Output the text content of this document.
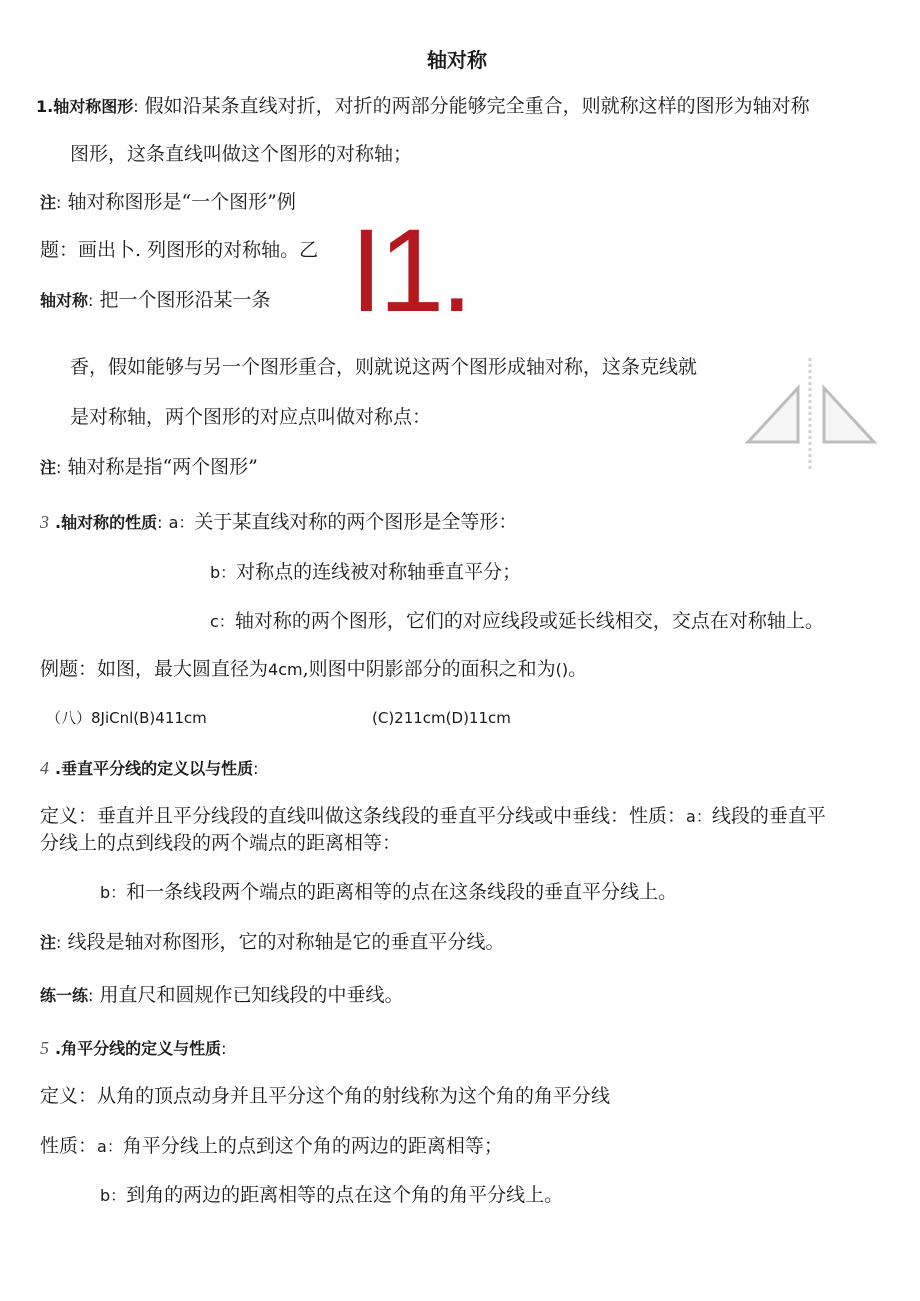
轴对称
1.轴对称图形: 假如沿某条直线对折，对折的两部分能够完全重合，则就称这样的图形为轴对称
图形，这条直线叫做这个图形的对称轴；
注: 轴对称图形是“一个图形”例
题：画出卜. 列图形的对称轴。乙
轴对称: 把一个图形沿某一条 I1.
香，假如能够与另一个图形重合，则就说这两个图形成轴对称，这条克线就
是对称轴，两个图形的对应点叫做对称点：
注: 轴对称是指“两个图形”
3 .轴对称的性质: a：关于某直线对称的两个图形是全等形：
b：对称点的连线被对称轴垂直平分；
c：轴对称的两个图形，它们的对应线段或延长线相交，交点在对称轴上。
例题：如图，最大圆直径为4cm,则图中阴影部分的面积之和为()。
（八）8JiCnl(B)411cm	(C)211cm(D)11cm
4 .垂直平分线的定义以与性质:
定义：垂直并且平分线段的直线叫做这条线段的垂直平分线或中垂线：性质：a：线段的垂直平
分线上的点到线段的两个端点的距离相等：
b：和一条线段两个端点的距离相等的点在这条线段的垂直平分线上。
注: 线段是轴对称图形，它的对称轴是它的垂直平分线。
练一练: 用直尺和圆规作已知线段的中垂线。
5 .角平分线的定义与性质:
定义：从角的顶点动身并且平分这个角的射线称为这个角的角平分线
性质：a：角平分线上的点到这个角的两边的距离相等；
b：到角的两边的距离相等的点在这个角的角平分线上。
